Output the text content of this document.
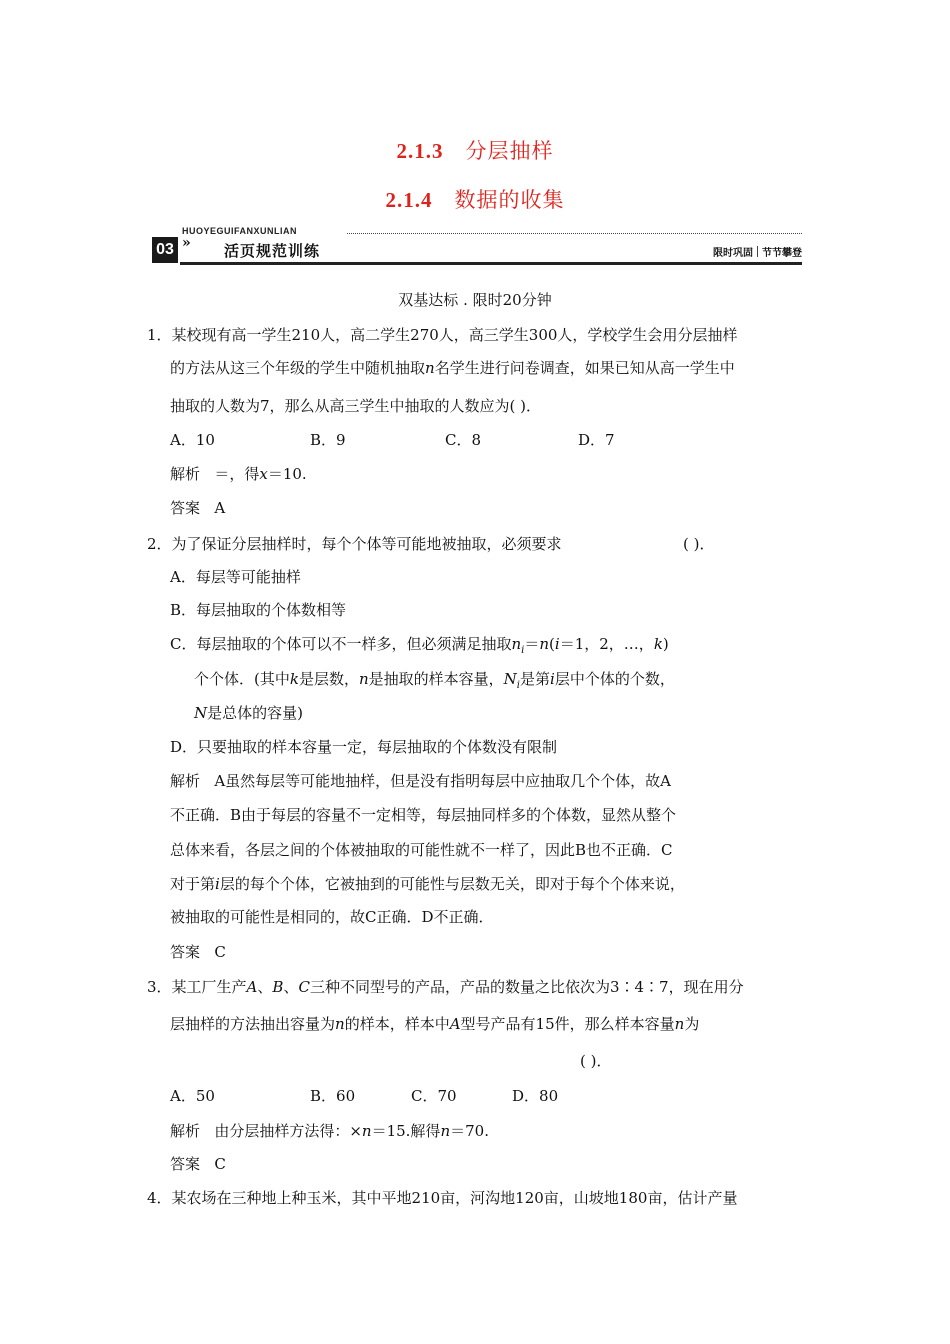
2.1.3 分层抽样
2.1.4 数据的收集
HUOYEGUIFANXUNLIAN
03 » 活页规范训练	限时巩固 节节攀登
双基达标 . 限时20分钟
1．某校现有高一学生210人，高二学生270人，高三学生300人，学校学生会用分层抽样
的方法从这三个年级的学生中随机抽取n名学生进行问卷调查，如果已知从高一学生中
抽取的人数为7，那么从高三学生中抽取的人数应为( )．
A．10	B．9	C．8	D．7
解析 ＝，得x＝10.
答案 A
2．为了保证分层抽样时，每个个体等可能地被抽取，必须要求	( )．
A．每层等可能抽样
B．每层抽取的个体数相等
C．每层抽取的个体可以不一样多，但必须满足抽取$n_i=n(i=1$，2，…，k)
个个体．(其中k是层数，n是抽取的样本容量，$N_i$是第i层中个体的个数，
N是总体的容量)
D．只要抽取的样本容量一定，每层抽取的个体数没有限制
解析 A虽然每层等可能地抽样，但是没有指明每层中应抽取几个个体，故A
不正确．B由于每层的容量不一定相等，每层抽同样多的个体数，显然从整个
总体来看，各层之间的个体被抽取的可能性就不一样了，因此B也不正确．C
对于第i层的每个个体，它被抽到的可能性与层数无关，即对于每个个体来说，
被抽取的可能性是相同的，故C正确．D不正确．
答案 C
3．某工厂生产A、B、C三种不同型号的产品，产品的数量之比依次为3∶4∶7，现在用分
层抽样的方法抽出容量为n的样本，样本中A型号产品有15件，那么样本容量n为
( )．
A．50	B．60	C．70	D．80
解析 由分层抽样方法得：×n＝15.解得n＝70.
答案 C
4．某农场在三种地上种玉米，其中平地210亩，河沟地120亩，山坡地180亩，估计产量
